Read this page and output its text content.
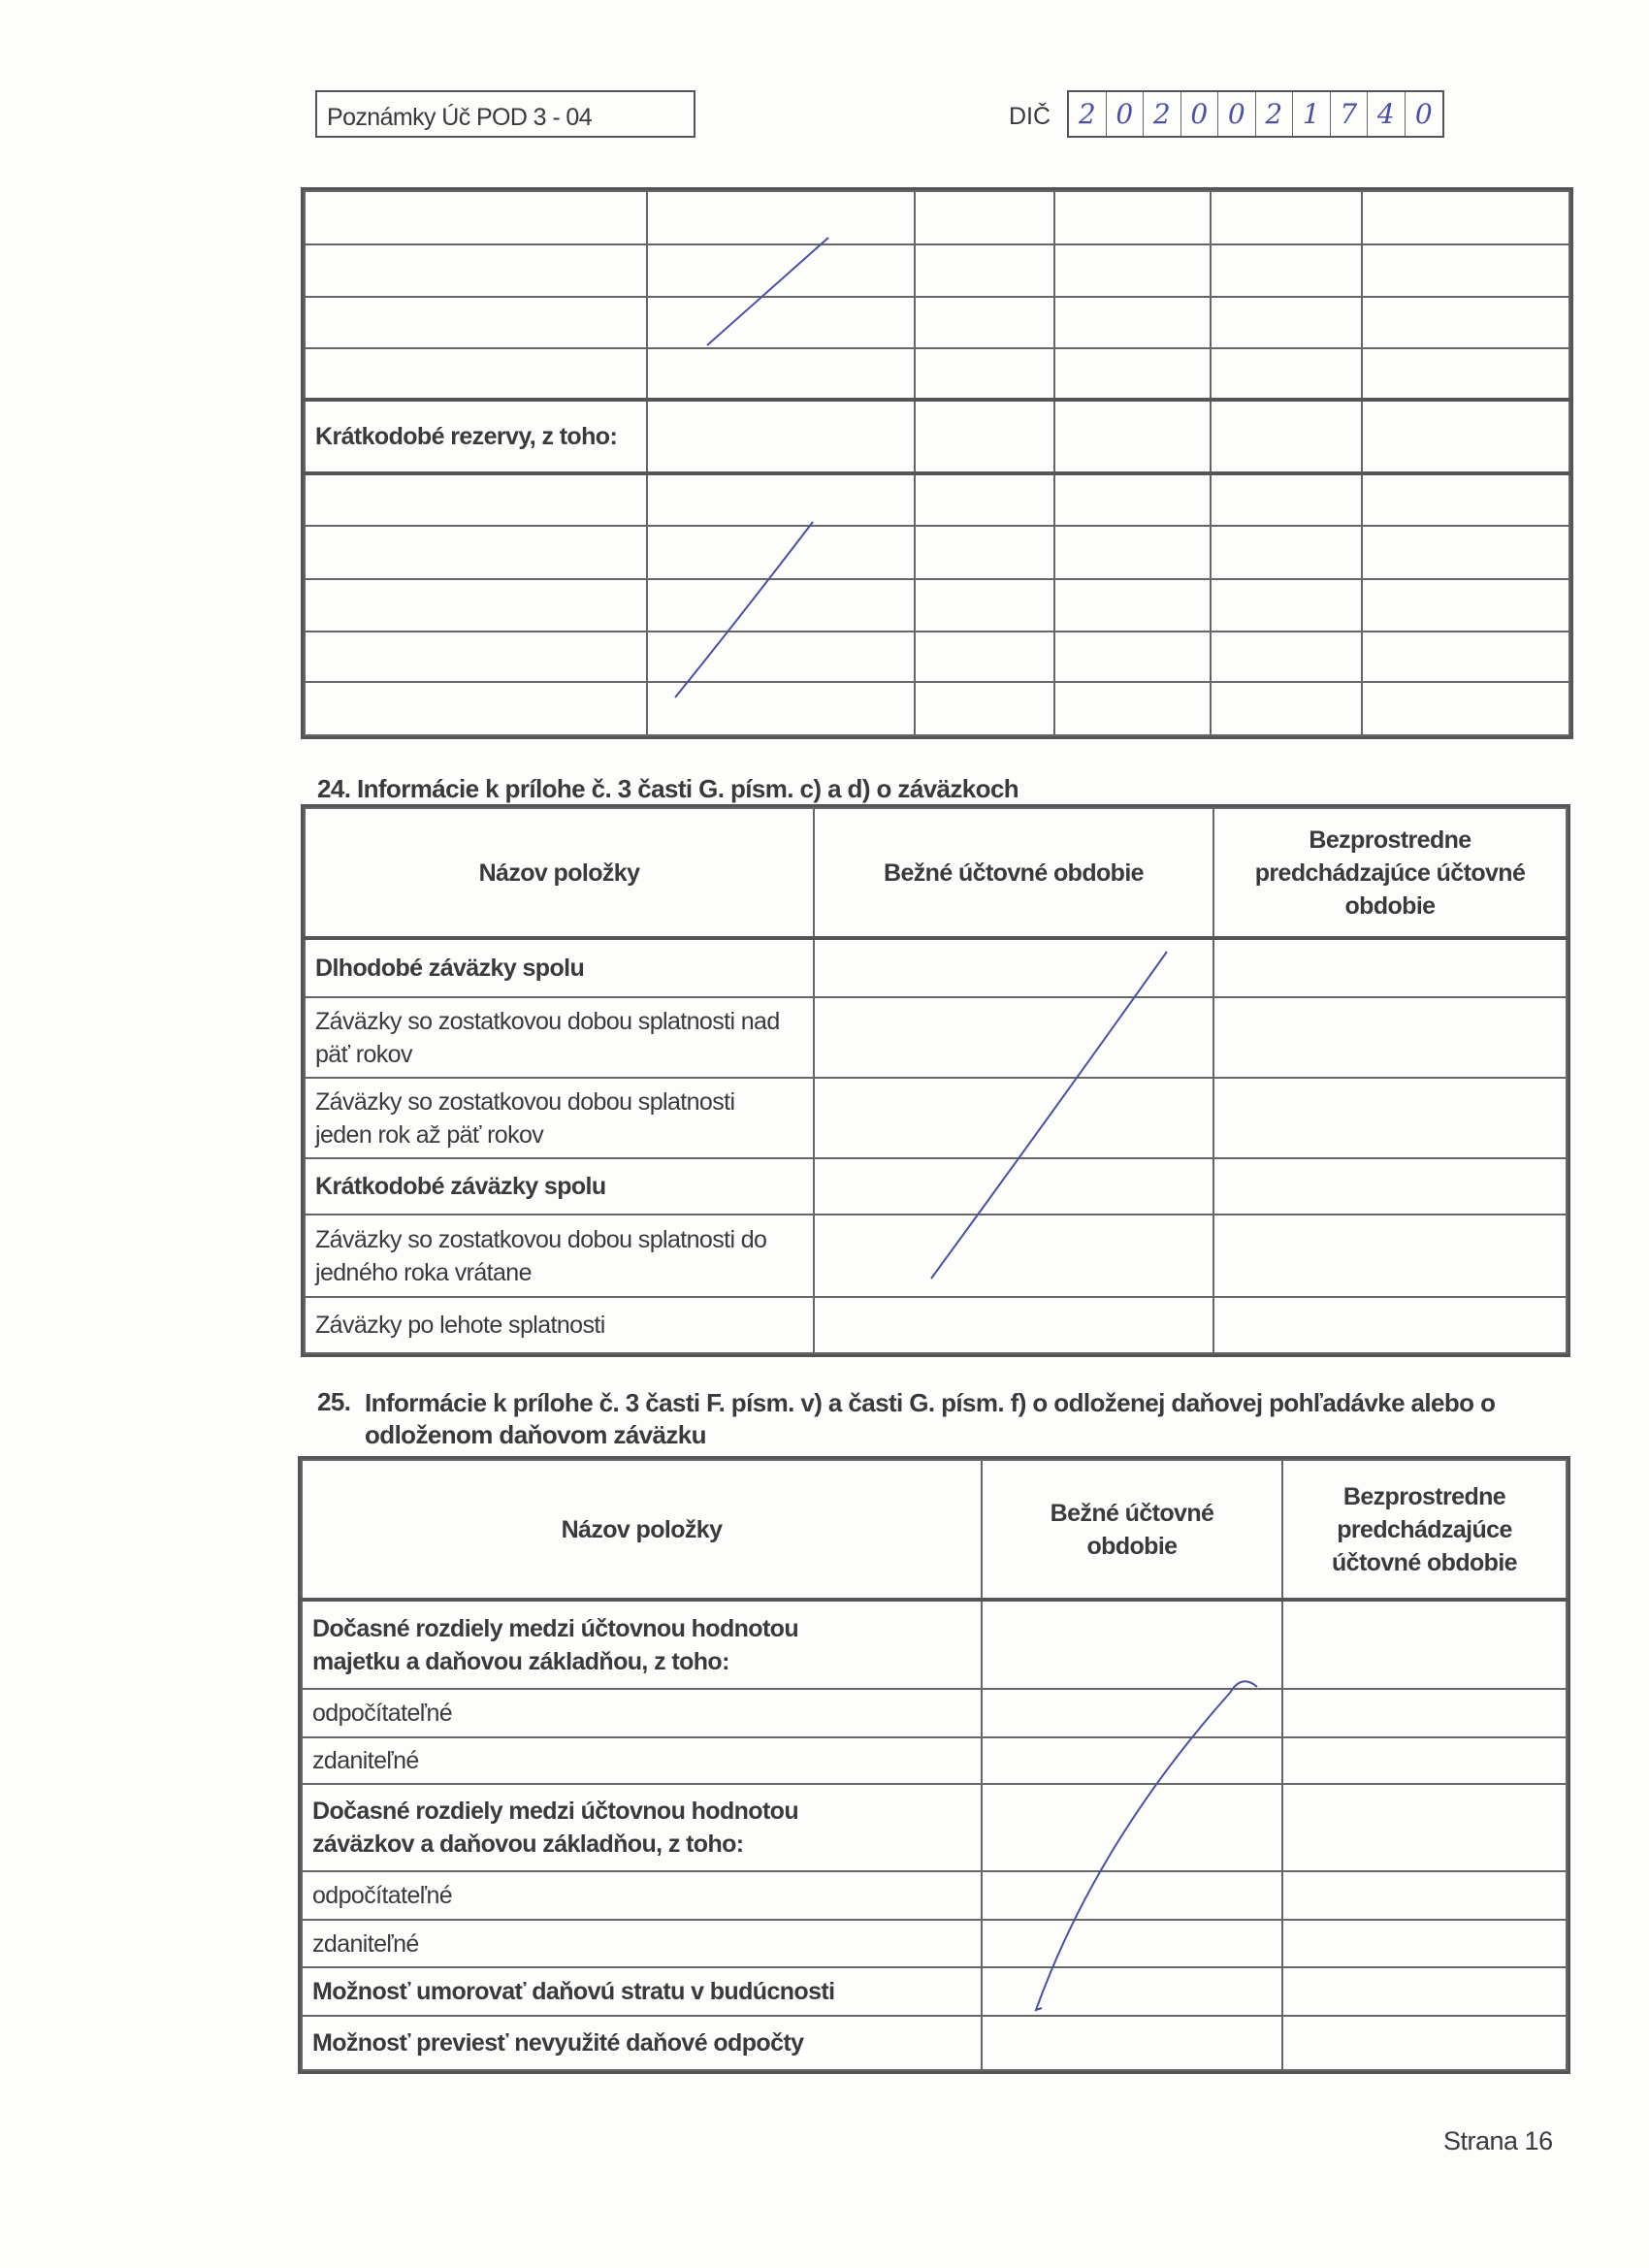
Poznámky Úč POD 3 - 04	DIČ	2 0 2 0 0 2 1 7 4 0

Krátkodobé rezervy, z toho:					

24. Informácie k prílohe č. 3 časti G. písm. c) a d) o záväzkoch
Názov položky	Bežné účtovné obdobie	Bezprostredne predchádzajúce účtovné obdobie
Dlhodobé záväzky spolu		
Záväzky so zostatkovou dobou splatnosti nad päť rokov		
Záväzky so zostatkovou dobou splatnosti jeden rok až päť rokov		
Krátkodobé záväzky spolu		
Záväzky so zostatkovou dobou splatnosti do jedného roka vrátane		
Záväzky po lehote splatnosti		
25. Informácie k prílohe č. 3 časti F. písm. v) a časti G. písm. f) o odloženej daňovej pohľadávke alebo o odloženom daňovom záväzku
Názov položky	Bežné účtovné obdobie	Bezprostredne predchádzajúce účtovné obdobie
Dočasné rozdiely medzi účtovnou hodnotou majetku a daňovou základňou, z toho:		
odpočítateľné		
zdaniteľné		
Dočasné rozdiely medzi účtovnou hodnotou záväzkov a daňovou základňou, z toho:		
odpočítateľné		
zdaniteľné		
Možnosť umorovať daňovú stratu v budúcnosti		
Možnosť previesť nevyužité daňové odpočty		
Strana 16
